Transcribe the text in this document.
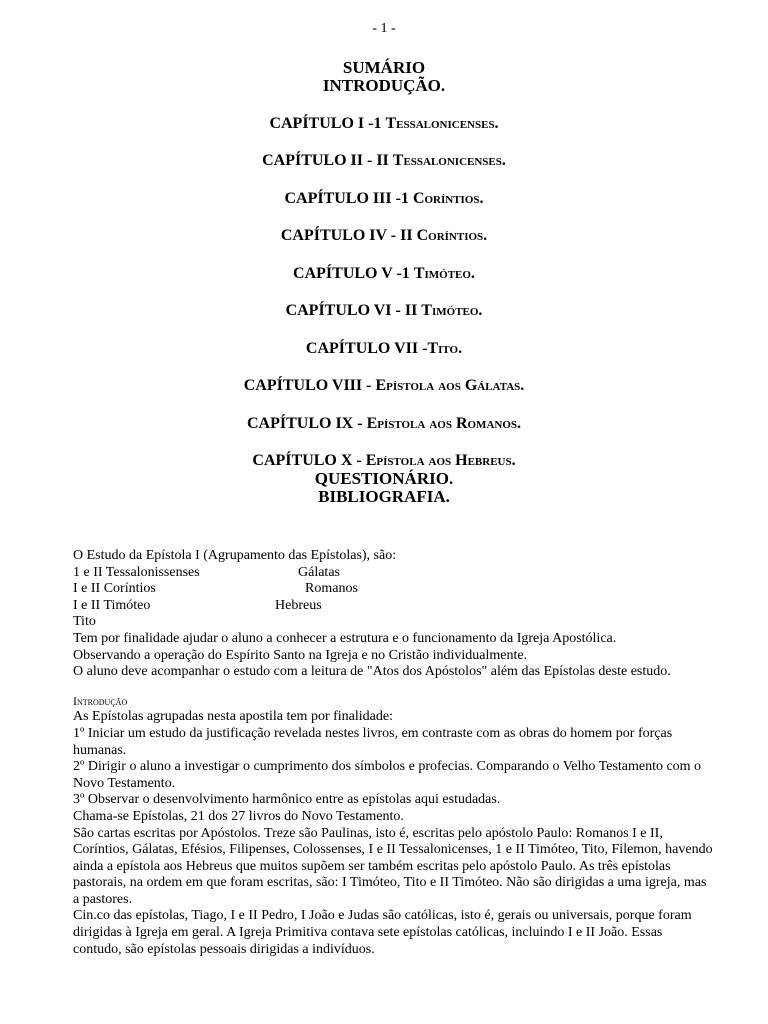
- 1 -
SUMÁRIO
INTRODUÇÃO.
CAPÍTULO I -1 Tessalonicenses.
CAPÍTULO II - II Tessalonicenses.
CAPÍTULO III -1 Coríntios.
CAPÍTULO IV - II Coríntios.
CAPÍTULO V -1 Timóteo.
CAPÍTULO VI - II Timóteo.
CAPÍTULO VII -Tito.
CAPÍTULO VIII - Epístola aos Gálatas.
CAPÍTULO IX - Epístola aos Romanos.
CAPÍTULO X - Epístola aos Hebreus.
QUESTIONÁRIO.
BIBLIOGRAFIA.

O Estudo da Epístola I (Agrupamento das Epístolas), são:

1 e II Tessalonissenses	Gálatas
I e II Coríntios	Romanos
I e II Timóteo	Hebreus
Tito

Tem por finalidade ajudar o aluno a conhecer a estrutura e o funcionamento da Igreja Apostólica.

Observando a operação do Espírito Santo na Igreja e no Cristão individualmente.

O aluno deve acompanhar o estudo com a leitura de "Atos dos Apóstolos" além das Epístolas deste estudo.

Introdução

As Epístolas agrupadas nesta apostila tem por finalidade:

1º Iniciar um estudo da justificação revelada nestes livros, em contraste com as obras do homem por forças humanas.

2º Dirigir o aluno a investigar o cumprimento dos símbolos e profecias. Comparando o Velho Testamento com o Novo Testamento.

3º Observar o desenvolvimento harmônico entre as epístolas aqui estudadas.

Chama-se Epístolas, 21 dos 27 livros do Novo Testamento.

São cartas escritas por Apóstolos. Treze são Paulinas, isto é, escritas pelo apóstolo Paulo: Romanos I e II, Coríntios, Gálatas, Efésios, Filipenses, Colossenses, I e II Tessalonicenses, 1 e II Timóteo, Tito, Filemon, havendo ainda a epístola aos Hebreus que muitos supõem ser também escritas pelo apóstolo Paulo. As três epístolas pastorais, na ordem em que foram escritas, são: I Timóteo, Tito e II Timóteo. Não são dirigidas a uma igreja, mas a pastores.

Cin.co das epístolas, Tiago, I e II Pedro, I João e Judas são católicas, isto é, gerais ou universais, porque foram dirigidas à Igreja em geral. A Igreja Primitiva contava sete epístolas católicas, incluindo I e II João. Essas contudo, são epístolas pessoais dirigidas a indivíduos.
